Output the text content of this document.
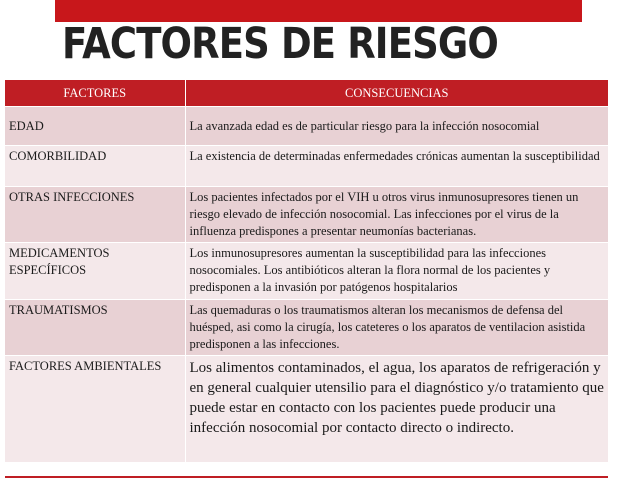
FACTORES DE RIESGO
FACTORES	CONSECUENCIAS
EDAD	La avanzada edad es de particular riesgo para la infección nosocomial
COMORBILIDAD	La existencia de determinadas enfermedades crónicas aumentan la susceptibilidad
OTRAS INFECCIONES	Los pacientes infectados por el VIH u otros virus inmunosupresores tienen un riesgo elevado de infección nosocomial. Las infecciones por el virus de la influenza predispones a presentar neumonías bacterianas.
MEDICAMENTOS ESPECÍFICOS	Los inmunosupresores aumentan la susceptibilidad para las infecciones nosocomiales. Los antibióticos alteran la flora normal de los pacientes y predisponen a la invasión por patógenos hospitalarios
TRAUMATISMOS	Las quemaduras o los traumatismos alteran los mecanismos de defensa del huésped, asi como la cirugía, los cateteres o los aparatos de ventilacion asistida predisponen a las infecciones.
FACTORES AMBIENTALES	Los alimentos contaminados, el agua, los aparatos de refrigeración y en general cualquier utensilio para el diagnóstico y/o tratamiento que puede estar en contacto con los pacientes puede producir una infección nosocomial por contacto directo o indirecto.
